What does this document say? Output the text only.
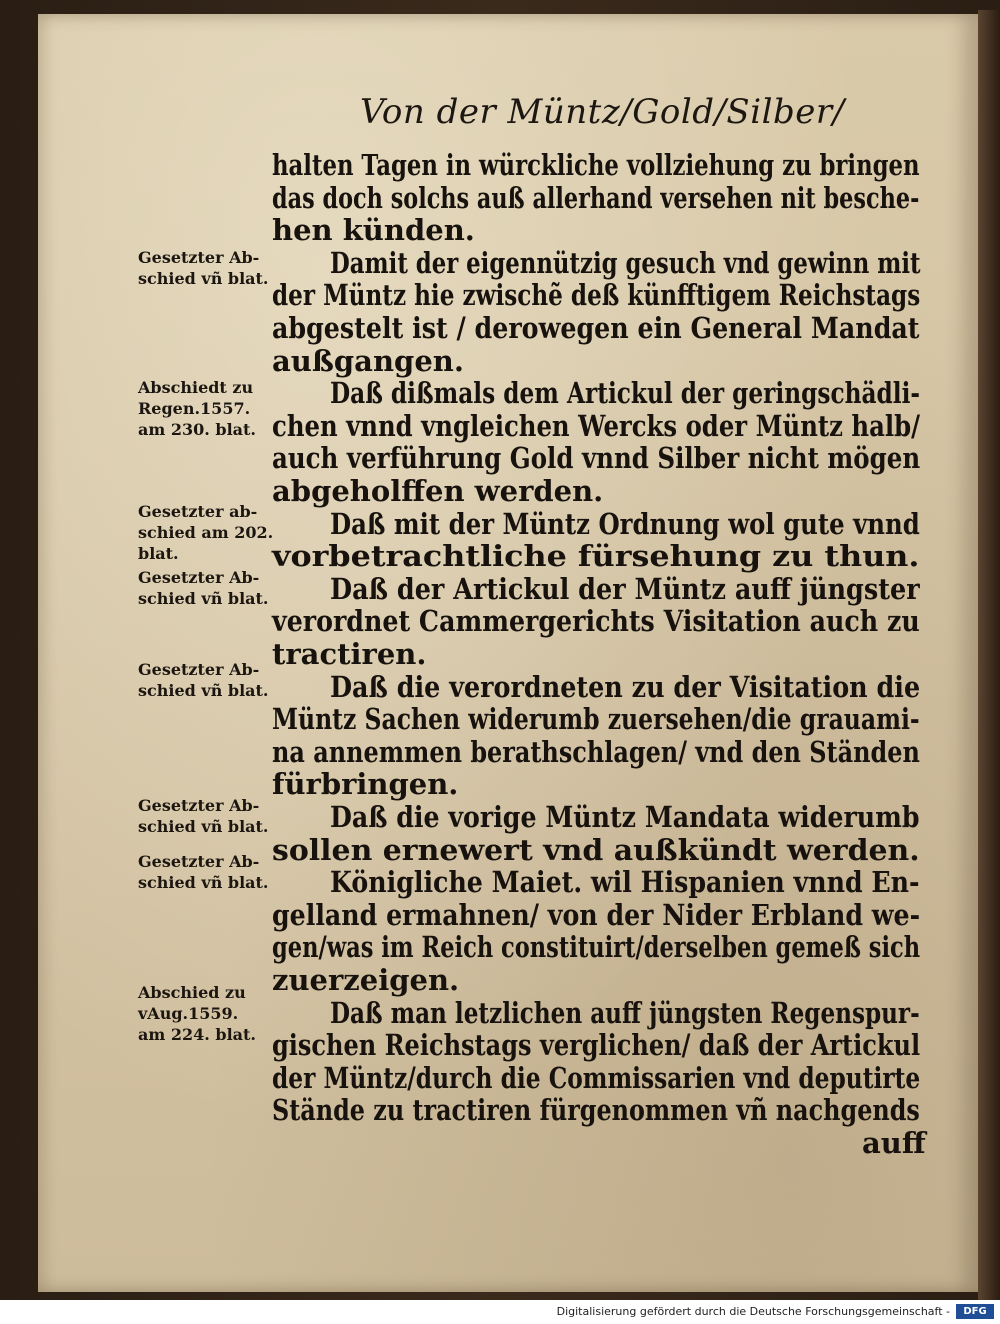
Von der Müntz/Gold/Silber/
halten Tagen in würckliche vollziehung zu bringen
das doch solchs auß allerhand versehen nit besche-
hen künden.
Damit der eigennützig gesuch vnd gewinn mit
der Müntz hie zwischẽ deß künfftigem Reichstags
abgestelt ist / derowegen ein General Mandat
außgangen.
Daß dißmals dem Artickul der geringschädli-
chen vnnd vngleichen Wercks oder Müntz halb/
auch verführung Gold vnnd Silber nicht mögen
abgeholffen werden.
Daß mit der Müntz Ordnung wol gute vnnd
vorbetrachtliche fürsehung zu thun.
Daß der Artickul der Müntz auff jüngster
verordnet Cammergerichts Visitation auch zu
tractiren.
Daß die verordneten zu der Visitation die
Müntz Sachen widerumb zuersehen/die grauami-
na annemmen berathschlagen/ vnd den Ständen
fürbringen.
Daß die vorige Müntz Mandata widerumb
sollen ernewert vnd außkündt werden.
Königliche Maiet. wil Hispanien vnnd En-
gelland ermahnen/ von der Nider Erbland we-
gen/was im Reich constituirt/derselben gemeß sich
zuerzeigen.
Daß man letzlichen auff jüngsten Regenspur-
gischen Reichstags verglichen/ daß der Artickul
der Müntz/durch die Commissarien vnd deputirte
Stände zu tractiren fürgenommen vñ nachgends
Gesetzter Ab-
schied vñ blat.
Abschiedt zu
Regen.1557.
am 230. blat.
Gesetzter ab-
schied am 202.
blat.
Gesetzter Ab-
schied vñ blat.
Gesetzter Ab-
schied vñ blat.
Gesetzter Ab-
schied vñ blat.
Gesetzter Ab-
schied vñ blat.
Abschied zu
vAug.1559.
am 224. blat.
auff
Digitalisierung gefördert durch die Deutsche Forschungsgemeinschaft -	DFG
